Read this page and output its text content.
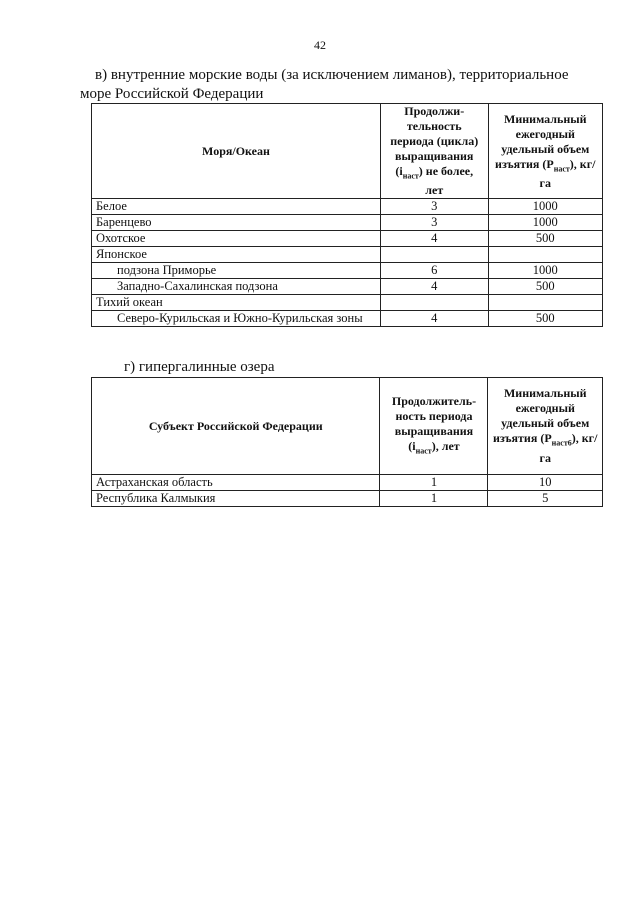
42
в) внутренние морские воды (за исключением лиманов), территориальное
море Российской Федерации
Моря/Океан	Продолжи-тельность периода (цикла) выращивания $(i_{наст})$ не более, лет	Минимальный ежегодный удельный объем изъятия $(P_{наст})$, кг/га
Белое	3	1000
Баренцево	3	1000
Охотское	4	500
Японское		
подзона Приморье	6	1000
Западно-Сахалинская подзона	4	500
Тихий океан		
Северо-Курильская и Южно-Курильская зоны	4	500
г) гипергалинные озера
Субъект Российской Федерации	Продолжитель-ность периода выращивания $(i_{наст})$, лет	Минимальный ежегодный удельный объем изъятия $(P_{наст6})$, кг/га
Астраханская область	1	10
Республика Калмыкия	1	5
